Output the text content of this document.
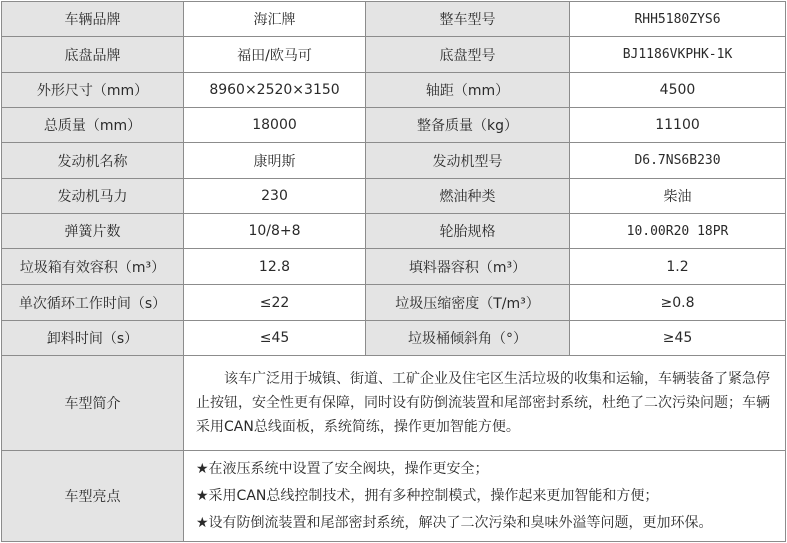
车辆品牌	海汇牌	整车型号	RHH5180ZYS6
底盘品牌	福田/欧马可	底盘型号	BJ1186VKPHK-1K
外形尺寸（mm）	8960×2520×3150	轴距（mm）	4500
总质量（mm）	18000	整备质量（kg）	11100
发动机名称	康明斯	发动机型号	D6.7NS6B230
发动机马力	230	燃油种类	柴油
弹簧片数	10/8+8	轮胎规格	10.00R20 18PR
垃圾箱有效容积（m³）	12.8	填料器容积（m³）	1.2
单次循环工作时间（s）	≤22	垃圾压缩密度（T/m³）	≥0.8
卸料时间（s）	≤45	垃圾桶倾斜角（°）	≥45
车型简介	该车广泛用于城镇、街道、工矿企业及住宅区生活垃圾的收集和运输，车辆装备了紧急停止按钮，安全性更有保障，同时设有防倒流装置和尾部密封系统，杜绝了二次污染问题；车辆采用CAN总线面板，系统简练，操作更加智能方便。		

车型亮点	★在液压系统中设置了安全阀块，操作更安全；

★采用CAN总线控制技术，拥有多种控制模式，操作起来更加智能和方便；

★设有防倒流装置和尾部密封系统，解决了二次污染和臭味外溢等问题，更加环保。		
